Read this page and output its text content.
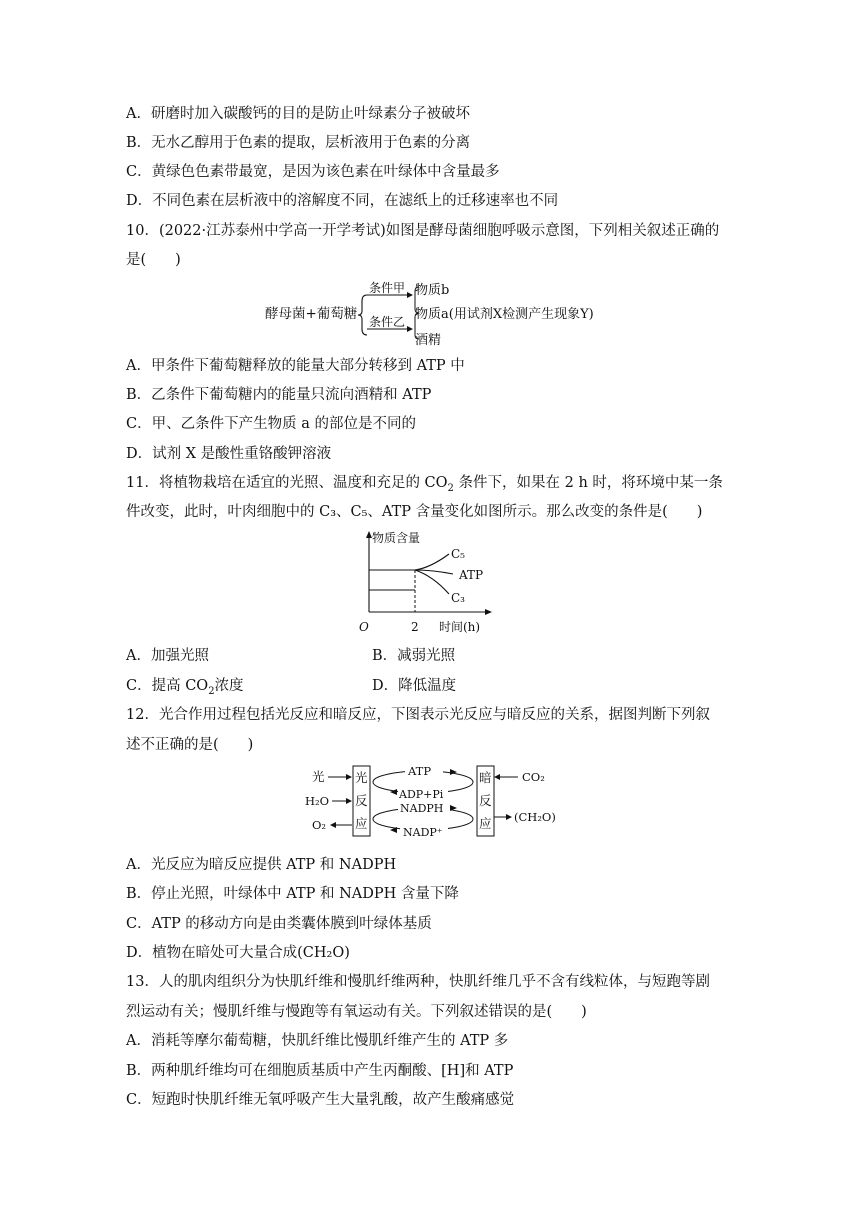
A．研磨时加入碳酸钙的目的是防止叶绿素分子被破坏
B．无水乙醇用于色素的提取，层析液用于色素的分离
C．黄绿色色素带最宽，是因为该色素在叶绿体中含量最多
D．不同色素在层析液中的溶解度不同，在滤纸上的迁移速率也不同
10．(2022·江苏泰州中学高一开学考试)如图是酵母菌细胞呼吸示意图，下列相关叙述正确的
是(　　)
酵母菌+葡萄糖
条件甲
条件乙
物质b
物质a(用试剂X检测产生现象Y)
酒精
A．甲条件下葡萄糖释放的能量大部分转移到 ATP 中
B．乙条件下葡萄糖内的能量只流向酒精和 ATP
C．甲、乙条件下产生物质 a 的部位是不同的
D．试剂 X 是酸性重铬酸钾溶液
11．将植物栽培在适宜的光照、温度和充足的 $CO_2$ 条件下，如果在 2 h 时，将环境中某一条
件改变，此时，叶肉细胞中的 C₃、C₅、ATP 含量变化如图所示。那么改变的条件是(　　)
物质含量
O	2 时间(h)
C₅
ATP
C₃
A．加强光照	B．减弱光照
C．提高 $CO_2$浓度	D．降低温度
12．光合作用过程包括光反应和暗反应，下图表示光反应与暗反应的关系，据图判断下列叙
述不正确的是(　　)
光
H₂O
O₂
光
反
应
暗
反
应
ATP
ADP+Pi
NADPH
NADP⁺
CO₂
(CH₂O)
A．光反应为暗反应提供 ATP 和 NADPH
B．停止光照，叶绿体中 ATP 和 NADPH 含量下降
C．ATP 的移动方向是由类囊体膜到叶绿体基质
D．植物在暗处可大量合成(CH₂O)
13．人的肌肉组织分为快肌纤维和慢肌纤维两种，快肌纤维几乎不含有线粒体，与短跑等剧
烈运动有关；慢肌纤维与慢跑等有氧运动有关。下列叙述错误的是(　　)
A．消耗等摩尔葡萄糖，快肌纤维比慢肌纤维产生的 ATP 多
B．两种肌纤维均可在细胞质基质中产生丙酮酸、[H]和 ATP
C．短跑时快肌纤维无氧呼吸产生大量乳酸，故产生酸痛感觉
